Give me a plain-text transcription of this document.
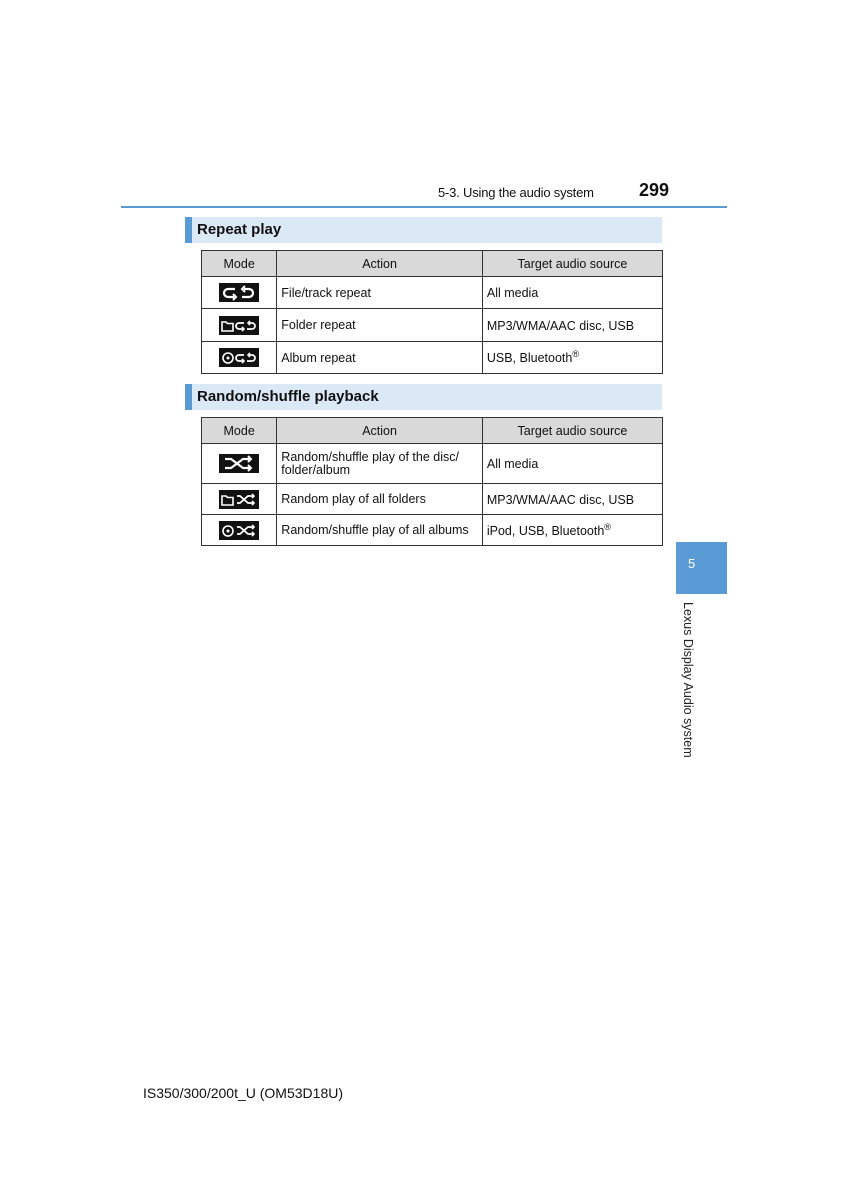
5-3. Using the audio system	299
Repeat play
Mode	Action	Target audio source

	File/track repeat	All media

	Folder repeat	MP3/WMA/AAC disc, USB

	Album repeat	USB, Bluetooth®
Random/shuffle playback
Mode	Action	Target audio source

	Random/shuffle play of the disc/ folder/album	All media

	Random play of all folders	MP3/WMA/AAC disc, USB

	Random/shuffle play of all albums	iPod, USB, Bluetooth®
5
Lexus Display Audio system
IS350/300/200t_U (OM53D18U)
